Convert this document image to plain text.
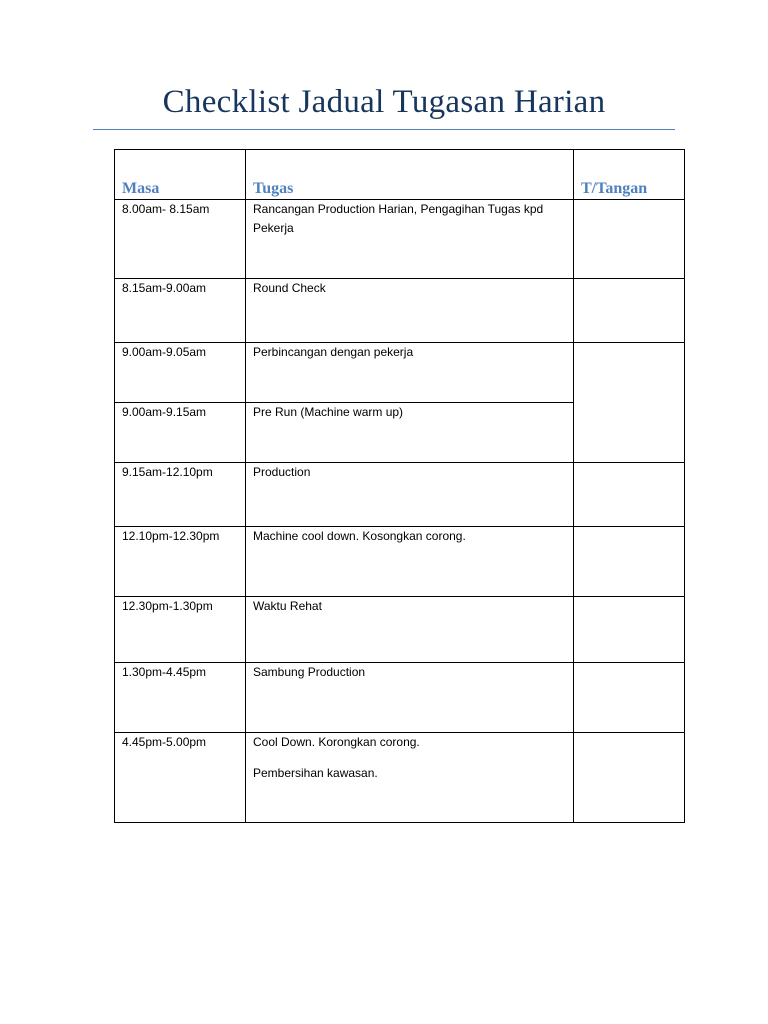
Checklist Jadual Tugasan Harian
Masa	Tugas	T/Tangan
8.00am- 8.15am	Rancangan Production Harian, Pengagihan Tugas kpd Pekerja	

8.15am-9.00am	Round Check	

9.00am-9.05am	Perbincangan dengan pekerja	

9.00am-9.15am	Pre Run (Machine warm up)	

9.15am-12.10pm	Production	

12.10pm-12.30pm	Machine cool down. Kosongkan corong.	

12.30pm-1.30pm	Waktu Rehat	

1.30pm-4.45pm	Sambung Production	

4.45pm-5.00pm	Cool Down. Korongkan corong.

Pembersihan kawasan.	
